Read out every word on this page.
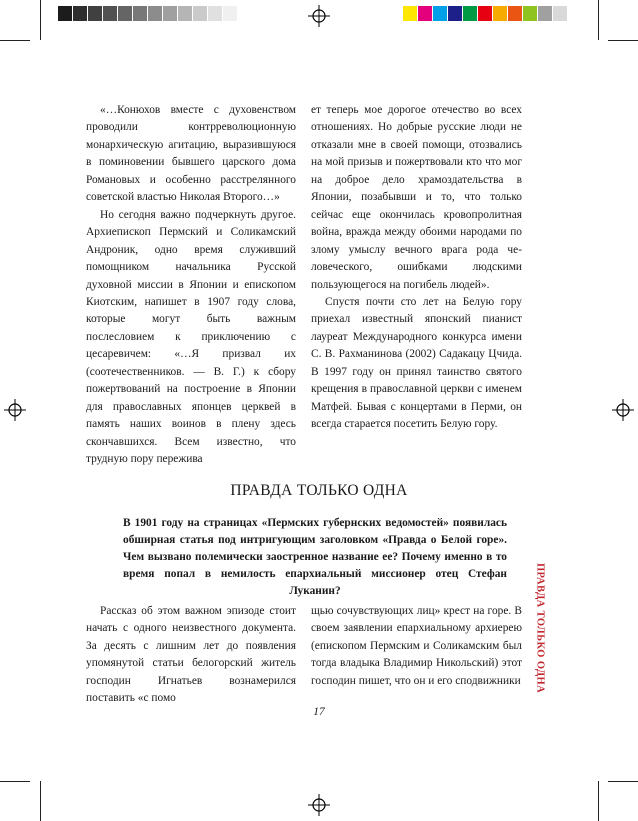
«…Конюхов вместе с духовенством проводили контрреволюционную монархическую агитацию, выразившуюся в поминовении бывшего царского дома Романовых и особенно расстрелянного советской властью Николая Второго…»

Но сегодня важно подчеркнуть другое. Архиепископ Пермский и Соликамский Андроник, одно время служивший помощником начальника Русской духовной миссии в Японии и епископом Киотским, напишет в 1907 году слова, которые могут быть важным послесловием к приключению с цесаревичем: «…Я призвал их (соотечественников. — В. Г.) к сбору пожертвований на построение в Японии для православных японцев церквей в память наших воинов в плену здесь скончавшихся. Всем известно, что трудную пору пережива

ет теперь мое дорогое отечество во всех отношениях. Но добрые русские люди не отказали мне в своей помощи, отозвались на мой призыв и пожертвовали кто что мог на доброе дело храмоздательства в Японии, позабывши и то, что только сейчас еще окончилась кровопролитная война, вражда между обоими народами по злому умыслу вечного врага рода человеческого, ошибками людскими пользующегося на погибель людей».

Спустя почти сто лет на Белую гору приехал известный японский пианист лауреат Международного конкурса имени С. В. Рахманинова (2002) Садакацу Цчида. В 1997 году он принял таинство святого крещения в православной церкви с именем Матфей. Бывая с концертами в Перми, он всегда старается посетить Белую гору.

ПРАВДА ТОЛЬКО ОДНА
В 1901 году на страницах «Пермских губернских ведомостей» появилась обширная статья под интригующим заголовком «Правда о Белой горе». Чем вызвано полемически заостренное название ее? Почему именно в то время попал в немилость епархиальный миссионер отец Стефан Луканин?	ПРАВДА ТОЛЬКО ОДНА

Рассказ об этом важном эпизоде стоит начать с одного неизвестного документа. За десять с лишним лет до появления упомянутой статьи белогорский житель господин Игнатьев вознамерился поставить «с помо

щью сочувствующих лиц» крест на горе. В своем заявлении епархиальному архиерею (епископом Пермским и Соликамским был тогда владыка Владимир Никольский) этот господин пишет, что он и его сподвижники

17
